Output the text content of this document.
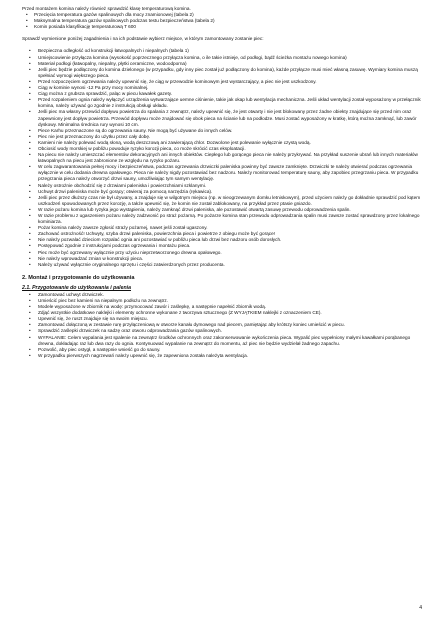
Przed montażem komina należy również sprawdzić klasę temperaturową komina.

• Przecięcia temperatura gazów spalinowych dla mocy znamionowej (tabela 2)
• Maksymalna temperatura gazów spalinowych podczas testu bezpieczeństwa (tabela 2)
• Komin posiada klasyfikację temperaturową T 600

Sprawdź wymienione poniżej zagadnienia i na ich podstawie wybierz miejsce, w którym zamontowany zostanie piec:

• Bezpieczna odległość od konstrukcji łatwopalnych i niepalnych (tabela 1)
• Umiejscowienie przyłącza komina (wysokość poprzecznego przyłącza komina, o ile takie istnieje, od podłogi, bądź ścieżka montażu nowego komina)
• Materiał podłogi (łatwopalny, niepalny, płytki ceramiczne, wodoodporna)
• Jeśli piec będzie podłączony do komina dzielonego (w przypadku, gdy inny piec został już podłączony do komina), każde przyłącze musi mieć własną zasuwę. Wymiary komina muszą spełniać wymogi większego pieca.
• Przed rozpoczęciem ogrzewania należy upewnić się, że ciąg w przewodzie kominowym jest wystarczający, a piec nie jest uszkodzony.
• Ciąg w kominie wynosi -12 Pa przy mocy nominalnej.
• Ciąg można z grubsza sprawdzić, paląc w piecu kawałek gazety.
• Przed rozpaleniem ognia należy wyłączyć urządzenia wytwarzające uemne ciśnienie, takie jak okap lub wentylacja mechaniczna. Jeśli układ wentylacji został wyposażony w przełącznik komina, należy używać go zgodnie z instrukcją obsługi układu.
• Jeśli piec ma własny przewód dopływu powietrza do spalania z zewnątrz, należy upewnić się, że jest otwarty i nie jest blokowany przez żadne obiekty znajdujące się przed nim oraz zapewniony jest dopływ powietrza. Przewód dopływu może znajdować się obok pieca na ścianie lub na podłodze. Musi zostać wyposażony w kratkę, którą można zamknąć, lub zawór dyskowy. Minimalna średnica rury wynosi 10 cm.
• Piece Karhu przeznaczone są do ogrzewania sauny. Nie mogą być używane do innych celów.
• Piec nie jest przeznaczony do użytku przez cały dobę.
• Kamieni nie należy polewać wodą słoną, wodą deszczową ani zawierającą chlor. Dozwolone jest polewanie wyłącznie czystą wodą.
• Obciosić wody morskiej w pobliżu powoduje ryzyko korozji pieca, co może skrócić czas eksploatacji.
• Na piecu nie należy umieszczać elementów dekoracyjnych ani innych obiektów. Ciepłego lub gorącego pieca nie należy przykrywać. Na przykład suszenie ubrań lub innych materiałów łatwopalnych na piecu jest zabronione ze względu na ryzyko pożaru.
• W celu zagwarantowania pełnej mocy i bezpieczeństwa, podczas ogrzewania drzwiczki paleniska powinny być zawsze zamknięte. Drzwiczki te należy otwierać podczas ogrzewania wyłącznie w celu dodania drewna opałowego. Pieca nie należy nigdy pozostawiać bez nadzoru. Należy monitorować temperaturę sauny, aby zapobiec przegrzaniu pieca. W przypadku przegrzania pieca należy otworzyć drzwi sauny, umożliwiając tym samym wentylację.
• Należy ostrożnie obchodzić się z drzwiami paleniska i powierzchniami szklanymi.
• Uchwyt drzwi paleniska może być gorący; otwieraj za pomocą narzędzia (rękawica).
• Jeśli piec przez dłuższy czas nie był używany, a znajduje się w wilgotnym miejscu (np. w nieogrzewanym domku letniskowym), przed użyciem należy go dokładnie sprawdzić pod kątem uszkodzeń spowodowanych przez korozję, a także upewnić się, że komin nie został zablokowany, na przykład przez ptasie gniazdo.
• W razie pożaru komina lub ryzyka jego wystąpienia, należy zamknąć drzwi paleniska, ale pozostawić otwartą zasuwę przewodu odprowadzenia spalin.
• W razie problemu z ugaszeniem pożaru należy zadzwonić po straż pożarną. Po pożarze komina stan przewodu odprowadzania spalin musi zawsze zostać sprawdzony przez lokalnego kominiarza.
• Pożar komina należy zawsze zgłosić straży pożarnej, nawet jeśli został ugaszony.
• Zachować ostrożność! Uchwyty, szyba drzwi paleniska, powierzchnia pieca i powietrze z obiegu może być gorące!
• Nie należy pozwalać dzieciom rozpalać ognia ani pozostawiać w pobliżu pieca lub drzwi bez nadzoru osób dorosłych.
• Postępować zgodnie z instrukcjami podczas ogrzewania i montażu pieca.
• Piec może być ogrzewany wyłącznie przy użyciu nieprzetworzonego drewna opałowego.
• Nie należy wprowadzać zmian w konstrukcji pieca.
• Należy używać wyłącznie oryginalnego sprzętu i części zatwierdzonych przez producenta.

2. Montaż i przygotowanie do użytkowania

2.1. Przygotowanie do użytkowania i palenia

• Zamontować uchwyt drzwiczek.
• Umieścić piec bez kamieni na niepalnym podłożu na zewnątrz.
• Modele wyposażone w zbiornik na wodę: przymocować zawór i zaślepkę, a następnie napełnić zbiornik wodą.
• Zdjąć wszystkie dodatkowe naklejki i elementy ochronne wykonane z tworzywa sztucznego (Z WYJĄTKIEM naklejki z oznaczeniem CE).
• Upewnić się, że ruszt znajduje się na swoim miejscu.
• Zamontować dołączoną w zestawie rurę przyłączeniową w otworze kanału dymowego nad piecem, pamiętając aby krótszy koniec umieścić w piecu.
• Sprawdzić zaślepki drzwiczek na sadzę oraz otworu odprowadzania gazów spalinowych.
• WYPALANIE: Celem wypalania jest spalenie na zewnątrz środków ochronnych oraz zakonserwowanie wykończenia pieca. Wypalić piec wypełniony małymi kawałkami porąbanego drewna, dokładając raz lub dwa razy do ognia. Kontynuować wypalanie na zewnątrz do momentu, aż piec nie będzie wydzielał żadnego zapachu.
• Pozwolić, aby piec ostygł, a następnie wnieść go do sauny.
• W przypadku pierwszych nagrzewań należy upewnić się, że zapewniona została należyta wentylacja.
4
